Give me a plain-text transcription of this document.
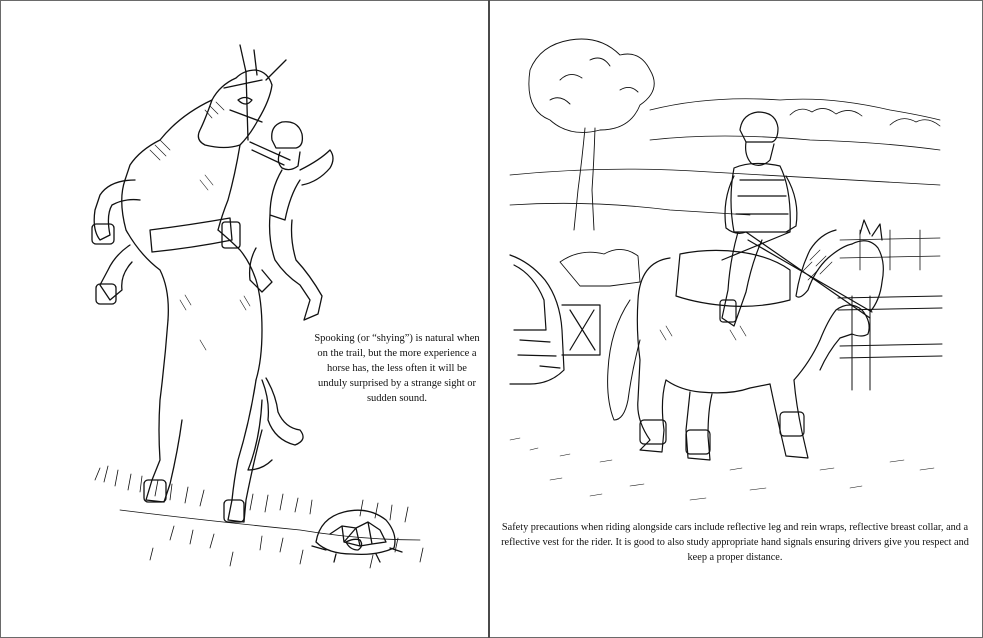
Spooking (or “shying”) is natural when on the trail, but the more experience a horse has, the less often it will be unduly surprised by a strange sight or sudden sound.
Safety precautions when riding alongside cars include reflective leg and rein wraps, reflective breast collar, and a reflective vest for the rider. It is good to also study appropriate hand signals ensuring drivers give you respect and keep a proper distance.
